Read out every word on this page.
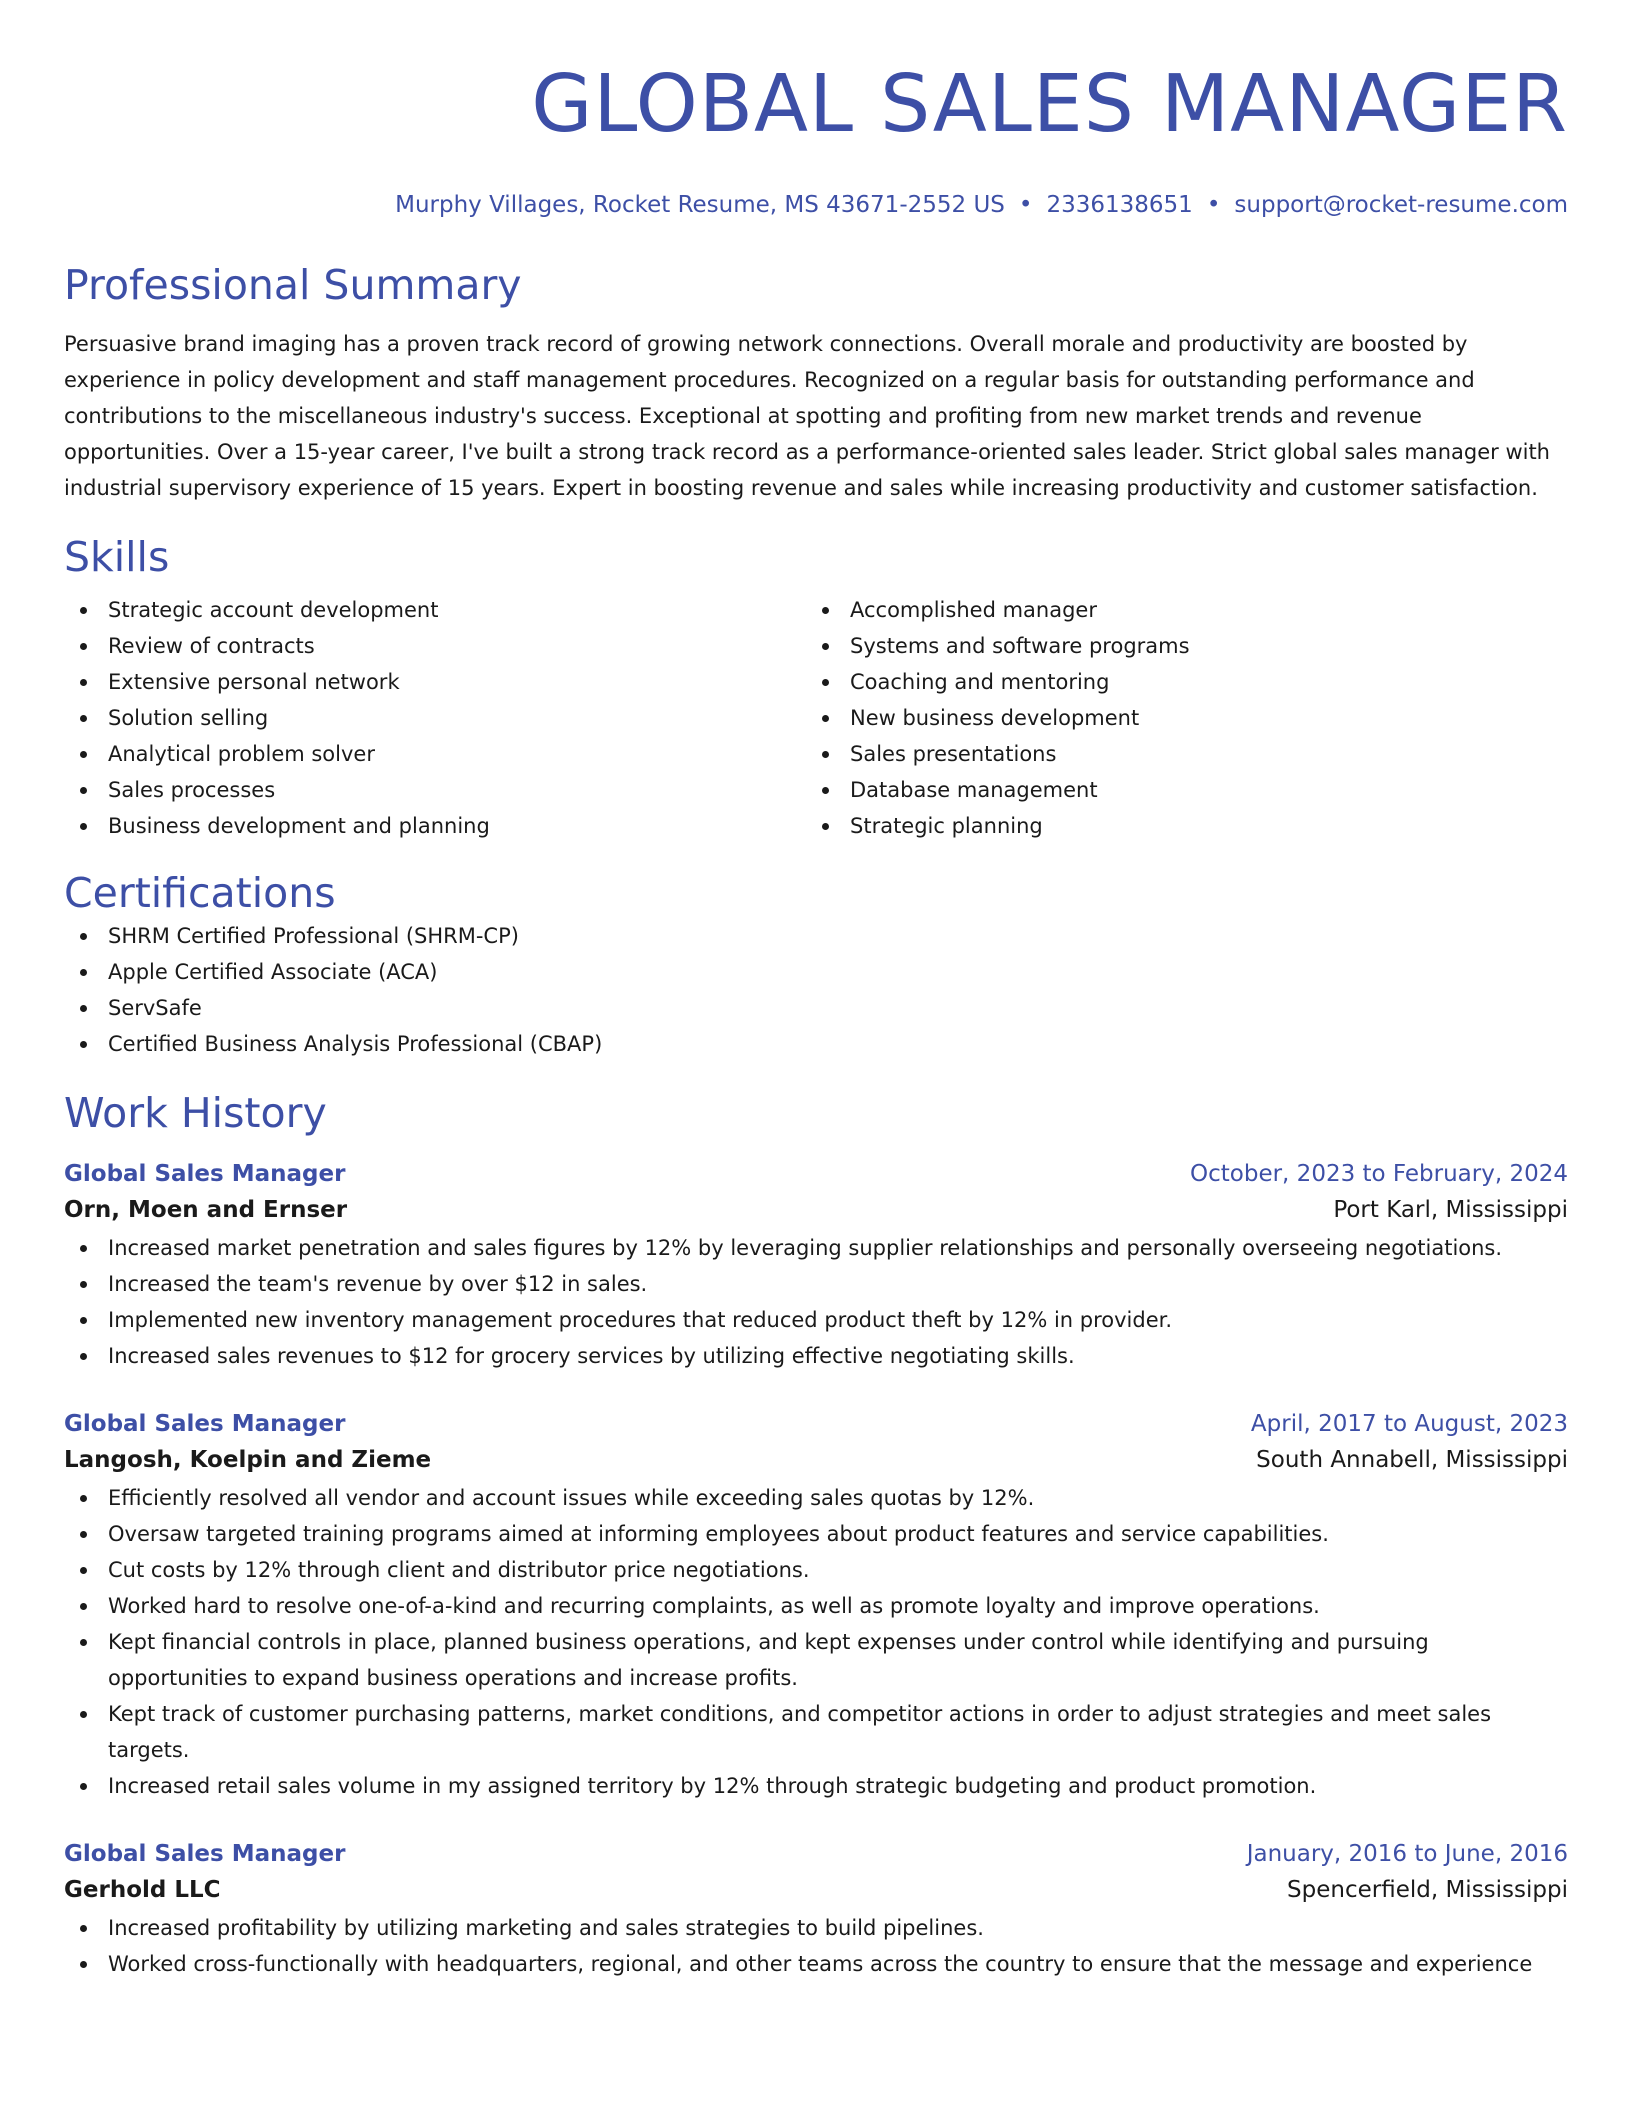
GLOBAL SALES MANAGER
Murphy Villages, Rocket Resume, MS 43671-2552 US • 2336138651 • support@rocket-resume.com
Professional Summary
Persuasive brand imaging has a proven track record of growing network connections. Overall morale and productivity are boosted by experience in policy development and staff management procedures. Recognized on a regular basis for outstanding performance and contributions to the miscellaneous industry's success. Exceptional at spotting and profiting from new market trends and revenue opportunities. Over a 15-year career, I've built a strong track record as a performance-oriented sales leader. Strict global sales manager with industrial supervisory experience of 15 years. Expert in boosting revenue and sales while increasing productivity and customer satisfaction.
Skills
Strategic account development
Review of contracts
Extensive personal network
Solution selling
Analytical problem solver
Sales processes
Business development and planning
Accomplished manager
Systems and software programs
Coaching and mentoring
New business development
Sales presentations
Database management
Strategic planning
Certifications
SHRM Certified Professional (SHRM-CP)
Apple Certified Associate (ACA)
ServSafe
Certified Business Analysis Professional (CBAP)
Work History
Global Sales Manager	October, 2023 to February, 2024
Orn, Moen and Ernser	Port Karl, Mississippi
Increased market penetration and sales figures by 12% by leveraging supplier relationships and personally overseeing negotiations.
Increased the team's revenue by over $12 in sales.
Implemented new inventory management procedures that reduced product theft by 12% in provider.
Increased sales revenues to $12 for grocery services by utilizing effective negotiating skills.
Global Sales Manager	April, 2017 to August, 2023
Langosh, Koelpin and Zieme	South Annabell, Mississippi
Efficiently resolved all vendor and account issues while exceeding sales quotas by 12%.
Oversaw targeted training programs aimed at informing employees about product features and service capabilities.
Cut costs by 12% through client and distributor price negotiations.
Worked hard to resolve one-of-a-kind and recurring complaints, as well as promote loyalty and improve operations.
Kept financial controls in place, planned business operations, and kept expenses under control while identifying and pursuing opportunities to expand business operations and increase profits.
Kept track of customer purchasing patterns, market conditions, and competitor actions in order to adjust strategies and meet sales targets.
Increased retail sales volume in my assigned territory by 12% through strategic budgeting and product promotion.
Global Sales Manager	January, 2016 to June, 2016
Gerhold LLC	Spencerfield, Mississippi
Increased profitability by utilizing marketing and sales strategies to build pipelines.
Worked cross-functionally with headquarters, regional, and other teams across the country to ensure that the message and experience
